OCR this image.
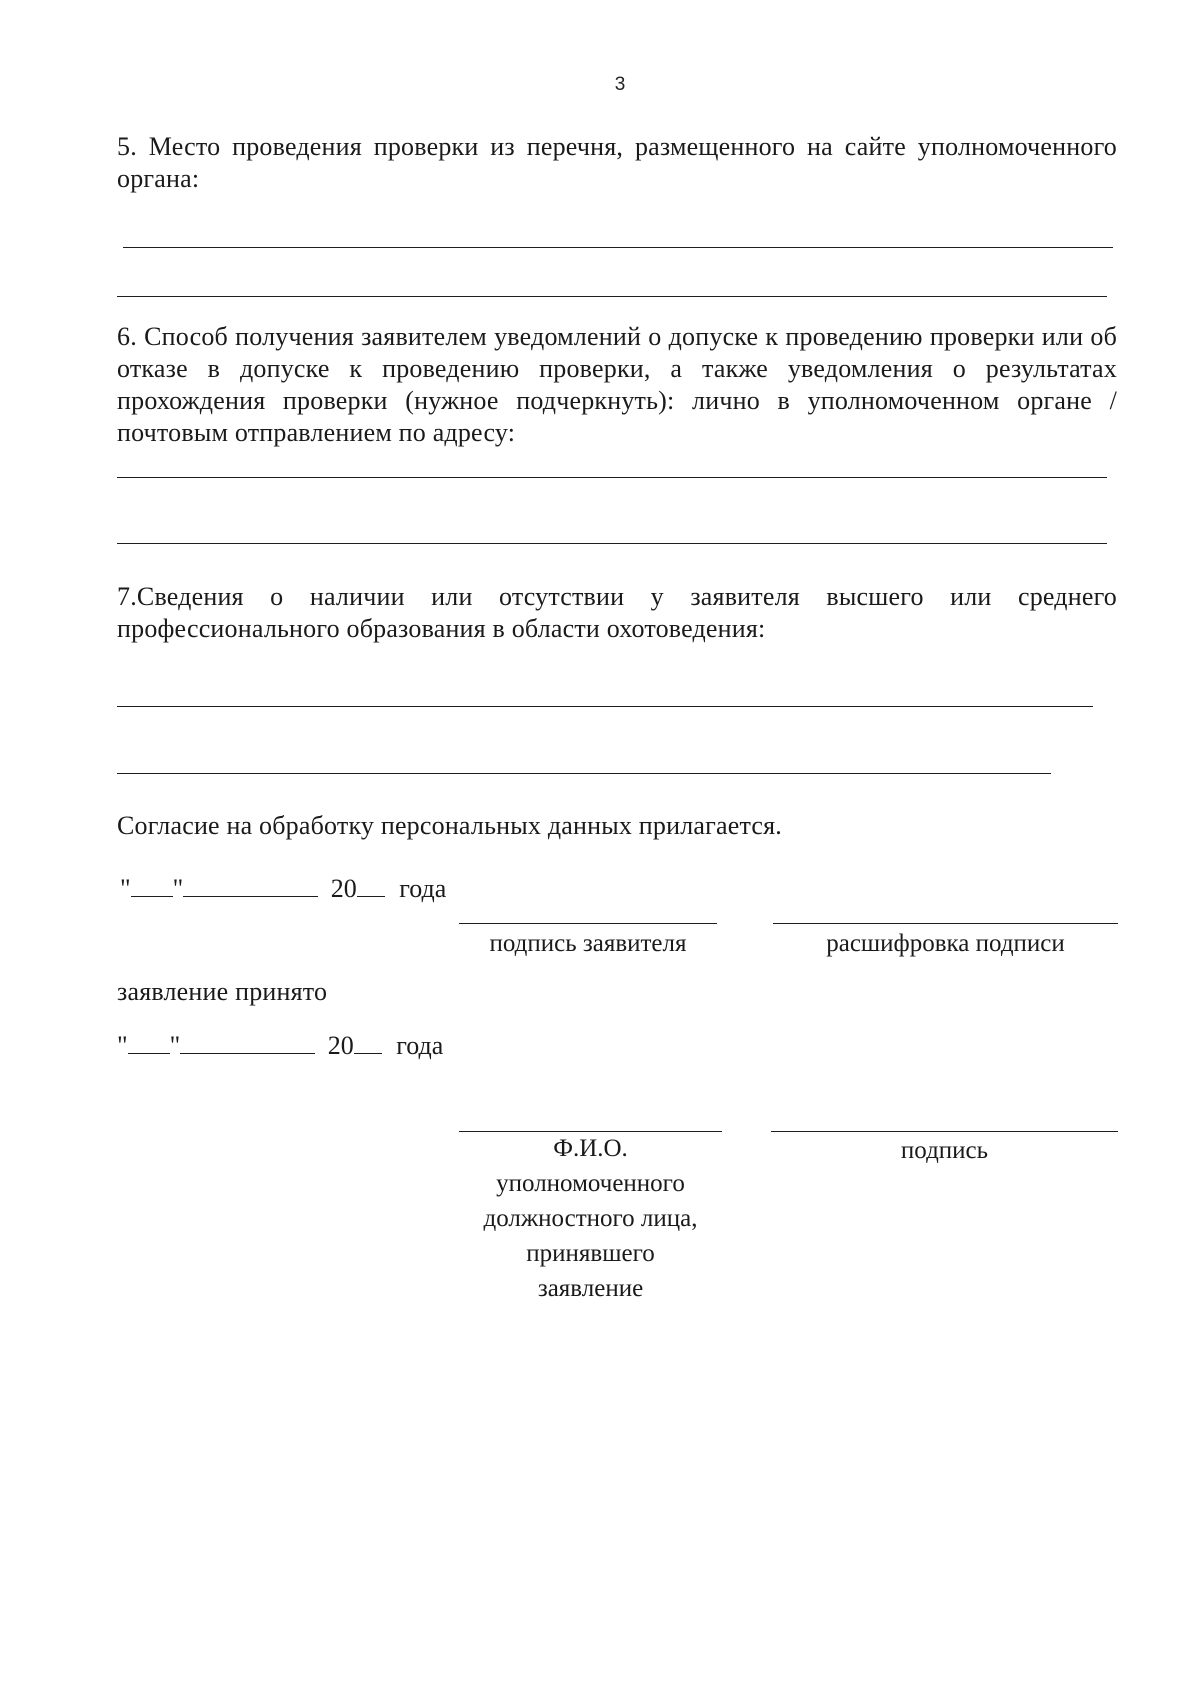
3
5. Место проведения проверки из перечня, размещенного на сайте уполномоченного органа:
6. Способ получения заявителем уведомлений о допуске к проведению проверки или об отказе в допуске к проведению проверки, а также уведомления о результатах прохождения проверки (нужное подчеркнуть): лично в уполномоченном органе / почтовым отправлением по адресу:
7.Сведения о наличии или отсутствии у заявителя высшего или среднего профессионального образования в области охотоведения:
Согласие на обработку персональных данных прилагается.
" "	20 года
подпись заявителя	расшифровка подписи
заявление принято
" "	20 года
Ф.И.О.
уполномоченного
должностного лица,
принявшего
заявление
подпись
